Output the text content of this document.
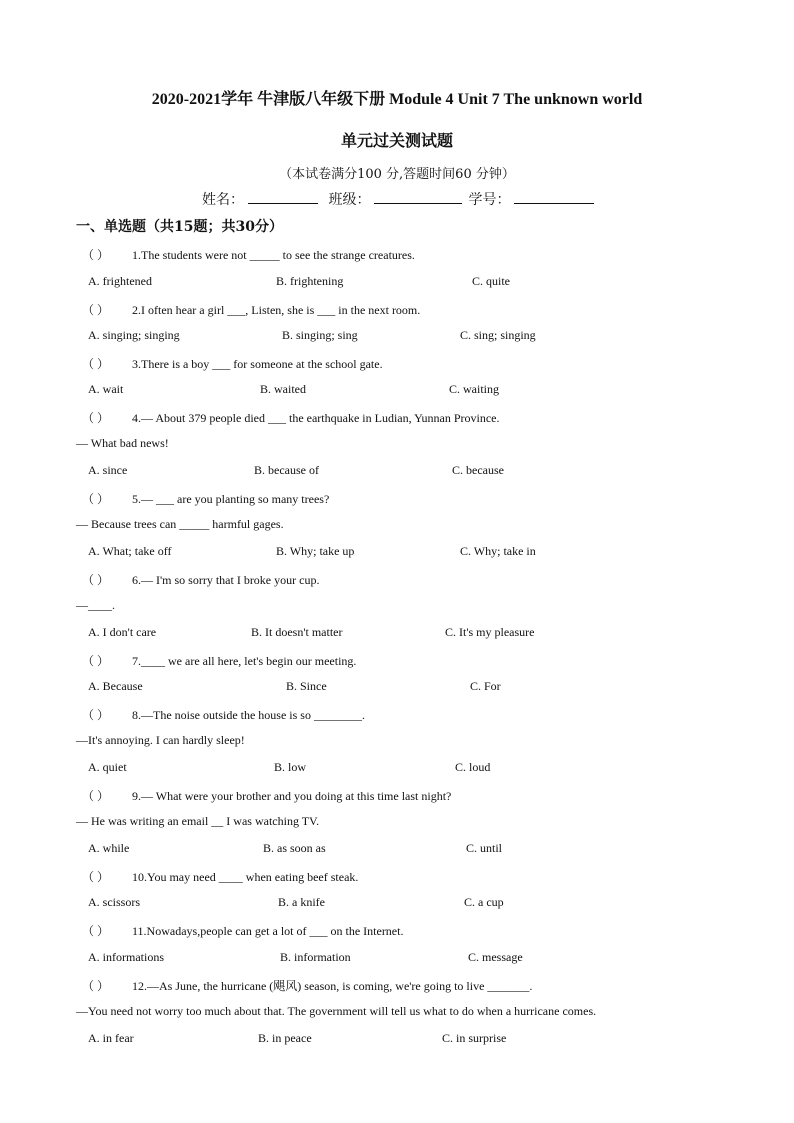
2020-2021学年 牛津版八年级下册 Module 4 Unit 7 The unknown world
单元过关测试题
（本试卷满分100 分,答题时间60 分钟）
姓名：	班级：	学号：
一、单选题（共15题；共30分）
（ ） 1.The students were not _____ to see the strange creatures.
A. frightened	B. frightening	C. quite
（ ） 2.I often hear a girl ___, Listen, she is ___ in the next room.
A. singing; singing	B. singing; sing	C. sing; singing
（ ） 3.There is a boy ___ for someone at the school gate.
A. wait	B. waited	C. waiting
（ ） 4.— About 379 people died ___ the earthquake in Ludian, Yunnan Province.
— What bad news!
A. since	B. because of	C. because
（ ） 5.— ___ are you planting so many trees?
— Because trees can _____ harmful gages.
A. What; take off	B. Why; take up	C. Why; take in
（ ） 6.— I'm so sorry that I broke your cup.
—____.
A. I don't care	B. It doesn't matter	C. It's my pleasure
（ ） 7.____ we are all here, let's begin our meeting.
A. Because	B. Since	C. For
（ ） 8.—The noise outside the house is so ________.
—It's annoying. I can hardly sleep!
A. quiet	B. low	C. loud
（ ） 9.— What were your brother and you doing at this time last night?
— He was writing an email __ I was watching TV.
A. while	B. as soon as	C. until
（ ） 10.You may need ____ when eating beef steak.
A. scissors	B. a knife	C. a cup
（ ） 11.Nowadays,people can get a lot of ___ on the Internet.
A. informations	B. information	C. message
（ ） 12.—As June, the hurricane (飓风) season, is coming, we're going to live _______.
—You need not worry too much about that. The government will tell us what to do when a hurricane comes.
A. in fear	B. in peace	C. in surprise
